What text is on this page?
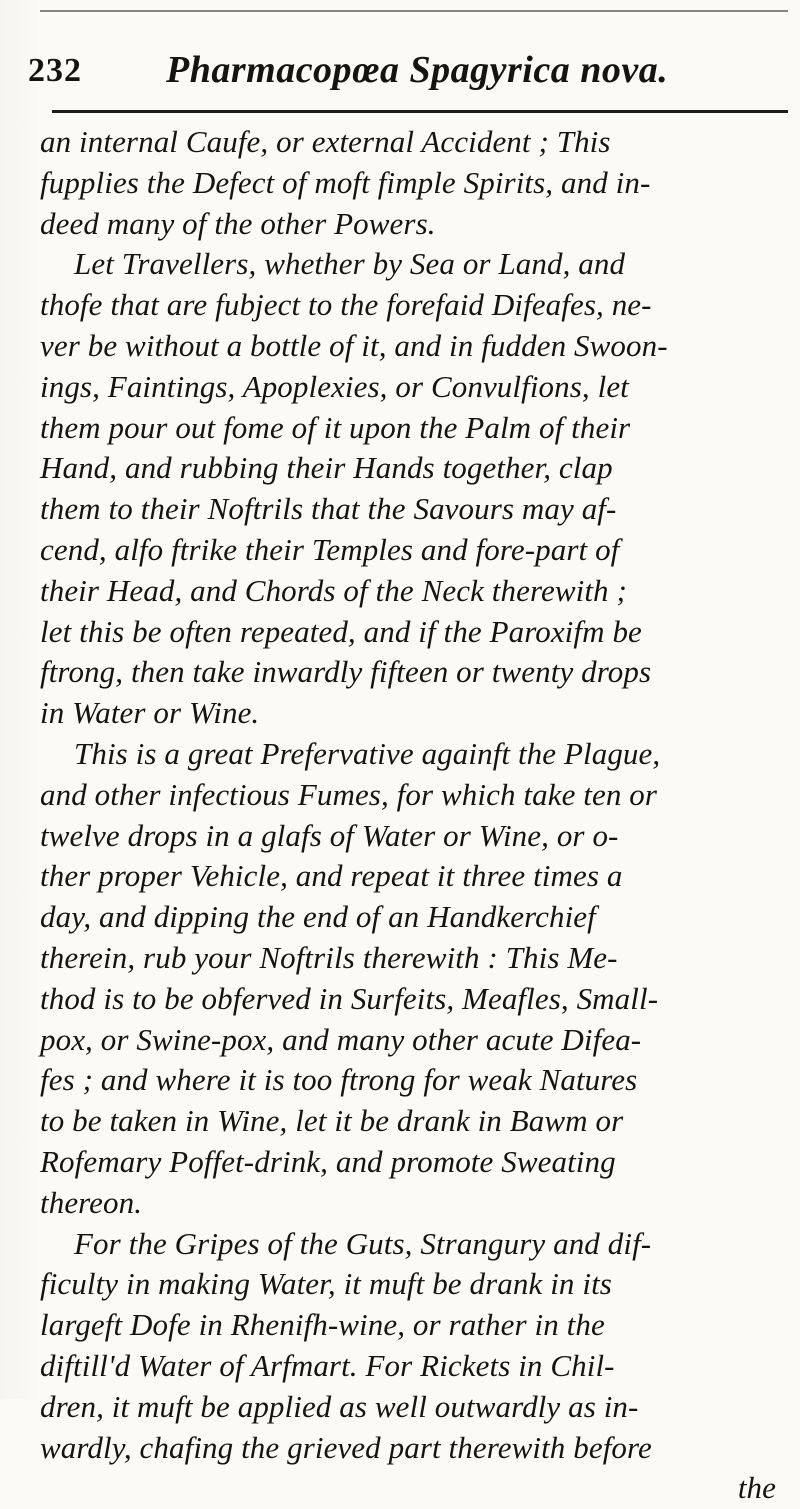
232 Pharmacopœa Spagyrica nova.
an internal Caufe, or external Accident ; This
fupplies the Defect of moft fimple Spirits, and in-
deed many of the other Powers.
Let Travellers, whether by Sea or Land, and
thofe that are fubject to the forefaid Difeafes, ne-
ver be without a bottle of it, and in fudden Swoon-
ings, Faintings, Apoplexies, or Convulfions, let
them pour out fome of it upon the Palm of their
Hand, and rubbing their Hands together, clap
them to their Noftrils that the Savours may af-
cend, alfo ftrike their Temples and fore-part of
their Head, and Chords of the Neck therewith ;
let this be often repeated, and if the Paroxifm be
ftrong, then take inwardly fifteen or twenty drops
in Water or Wine.
This is a great Prefervative againft the Plague,
and other infectious Fumes, for which take ten or
twelve drops in a glafs of Water or Wine, or o-
ther proper Vehicle, and repeat it three times a
day, and dipping the end of an Handkerchief
therein, rub your Noftrils therewith : This Me-
thod is to be obferved in Surfeits, Meafles, Small-
pox, or Swine-pox, and many other acute Difea-
fes ; and where it is too ftrong for weak Natures
to be taken in Wine, let it be drank in Bawm or
Rofemary Poffet-drink, and promote Sweating
thereon.
For the Gripes of the Guts, Strangury and dif-
ficulty in making Water, it muft be drank in its
largeft Dofe in Rhenifh-wine, or rather in the
diftill'd Water of Arfmart. For Rickets in Chil-
dren, it muft be applied as well outwardly as in-
wardly, chafing the grieved part therewith before
the
